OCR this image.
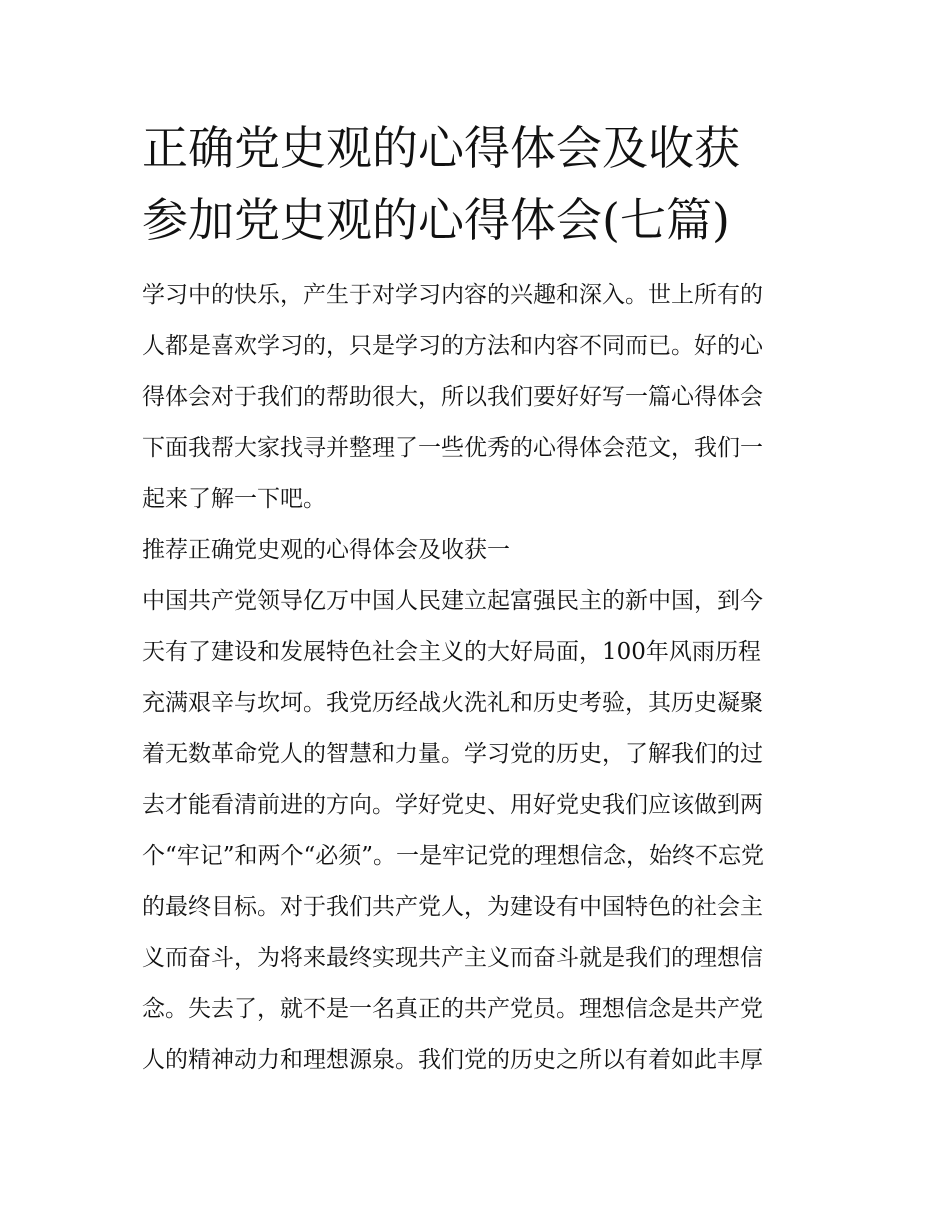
正确党史观的心得体会及收获
参加党史观的心得体会(七篇)
学习中的快乐，产生于对学习内容的兴趣和深入。世上所有的
人都是喜欢学习的，只是学习的方法和内容不同而已。好的心
得体会对于我们的帮助很大，所以我们要好好写一篇心得体会
下面我帮大家找寻并整理了一些优秀的心得体会范文，我们一
起来了解一下吧。
推荐正确党史观的心得体会及收获一
中国共产党领导亿万中国人民建立起富强民主的新中国，到今
天有了建设和发展特色社会主义的大好局面，100年风雨历程
充满艰辛与坎坷。我党历经战火洗礼和历史考验，其历史凝聚
着无数革命党人的智慧和力量。学习党的历史，了解我们的过
去才能看清前进的方向。学好党史、用好党史我们应该做到两
个“牢记”和两个“必须”。一是牢记党的理想信念，始终不忘党
的最终目标。对于我们共产党人，为建设有中国特色的社会主
义而奋斗，为将来最终实现共产主义而奋斗就是我们的理想信
念。失去了，就不是一名真正的共产党员。理想信念是共产党
人的精神动力和理想源泉。我们党的历史之所以有着如此丰厚
